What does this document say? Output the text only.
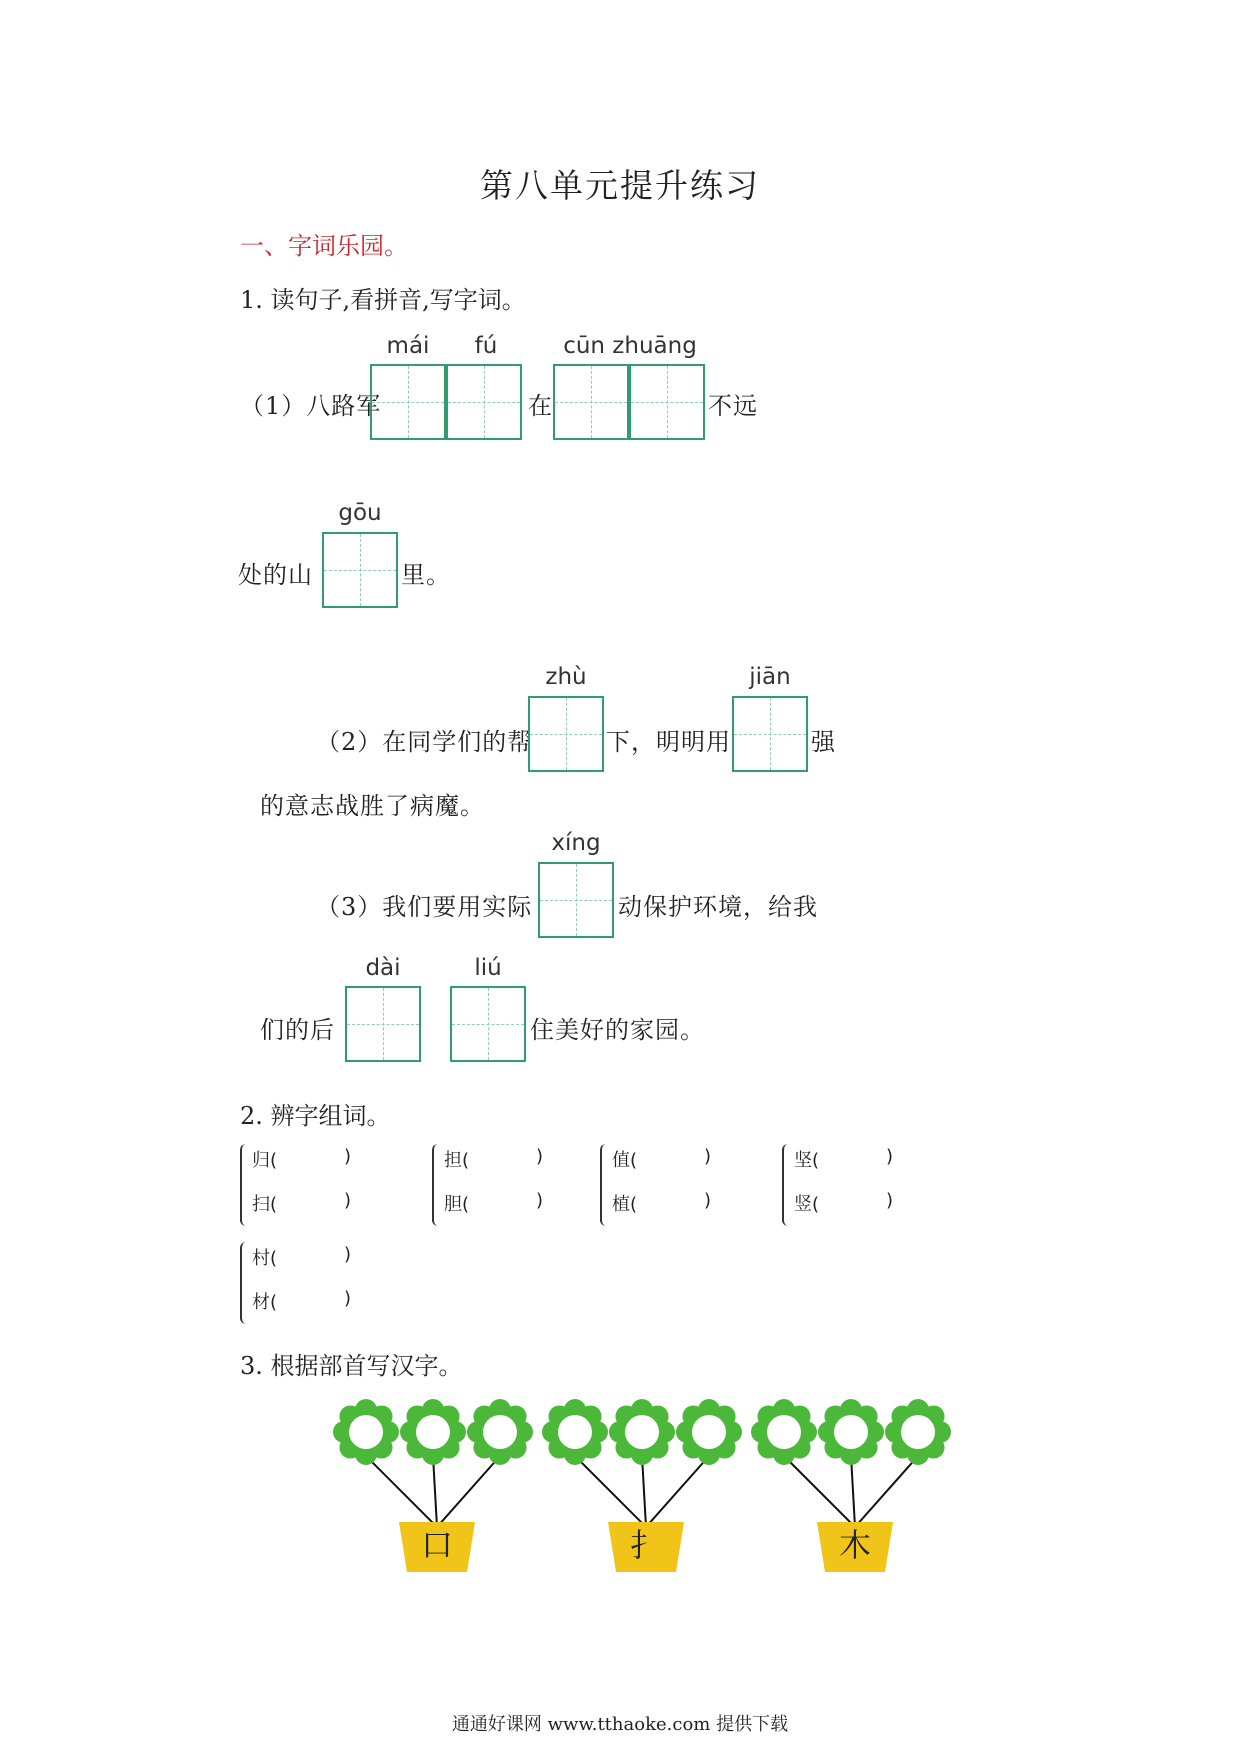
第八单元提升练习
一、字词乐园。
1. 读句子,看拼音,写字词。
mái	fú	cūn zhuāng
（1）八路军	在	不远
gōu
处的山	里。
zhù	jiān
（2）在同学们的帮	下，明明用	强
的意志战胜了病魔。
xíng
（3）我们要用实际	动保护环境，给我
dài	liú
们的后	住美好的家园。
2. 辨字组词。
归(	)
扫(	)
担(	)
胆(	)
值(	)
植(	)
坚(	)
竖(	)
村(	)
材(	)
3. 根据部首写汉字。
口	扌	木
通通好课网 www.tthaoke.com 提供下载
